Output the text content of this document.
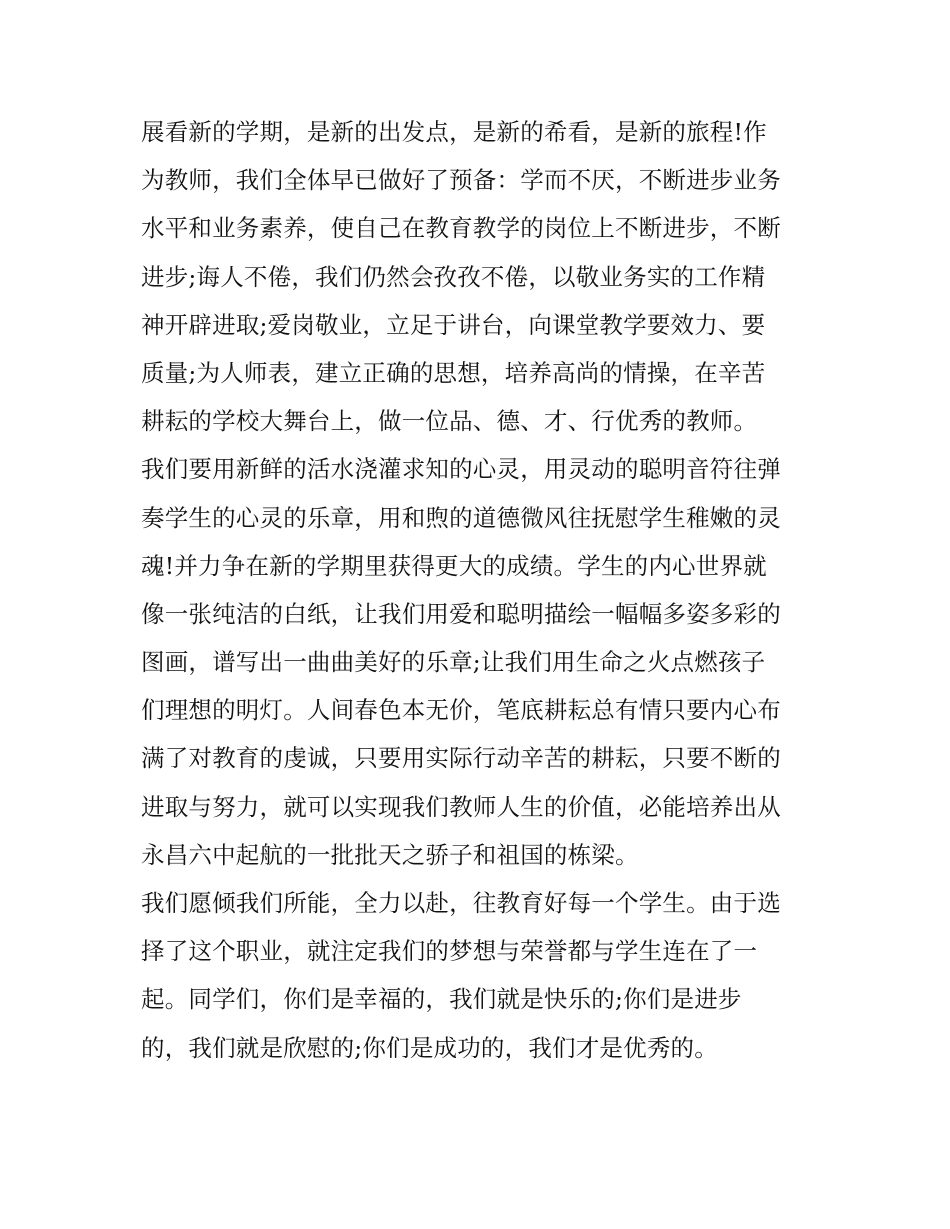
展看新的学期，是新的出发点，是新的希看，是新的旅程!作
为教师，我们全体早已做好了预备：学而不厌，不断进步业务
水平和业务素养，使自己在教育教学的岗位上不断进步，不断
进步;诲人不倦，我们仍然会孜孜不倦，以敬业务实的工作精
神开辟进取;爱岗敬业，立足于讲台，向课堂教学要效力、要
质量;为人师表，建立正确的思想，培养高尚的情操，在辛苦
耕耘的学校大舞台上，做一位品、德、才、行优秀的教师。
我们要用新鲜的活水浇灌求知的心灵，用灵动的聪明音符往弹
奏学生的心灵的乐章，用和煦的道德微风往抚慰学生稚嫩的灵
魂!并力争在新的学期里获得更大的成绩。学生的内心世界就
像一张纯洁的白纸，让我们用爱和聪明描绘一幅幅多姿多彩的
图画，谱写出一曲曲美好的乐章;让我们用生命之火点燃孩子
们理想的明灯。人间春色本无价，笔底耕耘总有情只要内心布
满了对教育的虔诚，只要用实际行动辛苦的耕耘，只要不断的
进取与努力，就可以实现我们教师人生的价值，必能培养出从
永昌六中起航的一批批天之骄子和祖国的栋梁。
我们愿倾我们所能，全力以赴，往教育好每一个学生。由于选
择了这个职业，就注定我们的梦想与荣誉都与学生连在了一
起。同学们，你们是幸福的，我们就是快乐的;你们是进步
的，我们就是欣慰的;你们是成功的，我们才是优秀的。
